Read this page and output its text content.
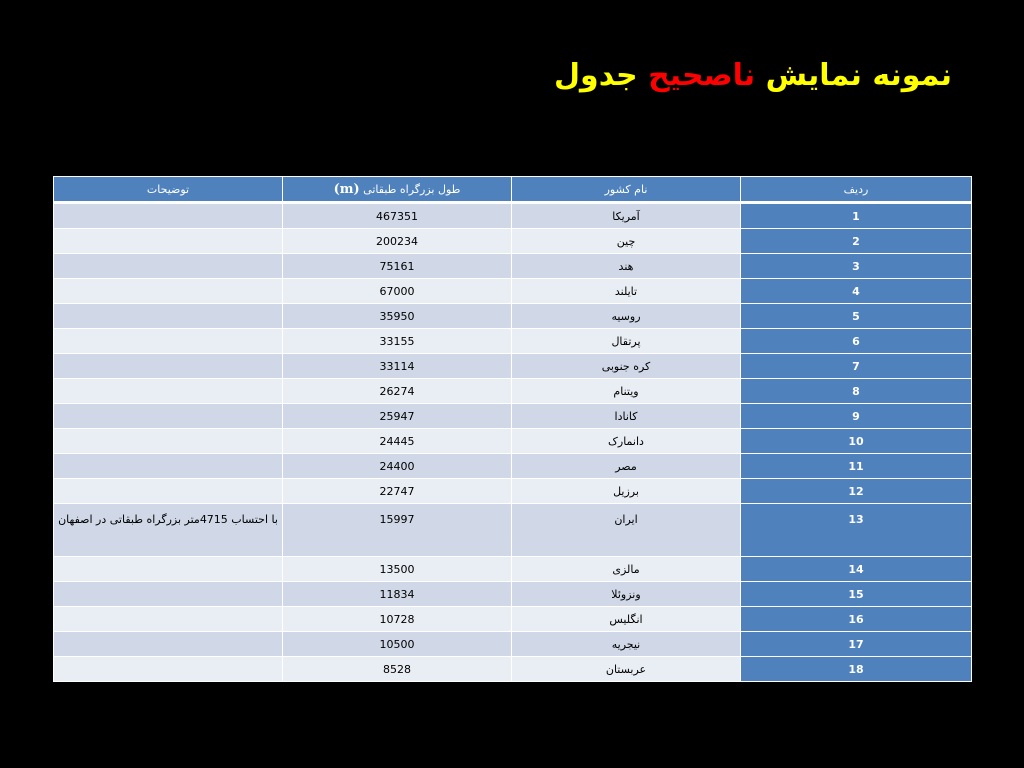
نمونه نمایش ناصحیح جدول
توضیحات	طول بزرگراه طبقاتی (m)	نام کشور	ردیف
	467351	آمریکا	1
	200234	چین	2
	75161	هند	3
	67000	تایلند	4
	35950	روسیه	5
	33155	پرتقال	6
	33114	کره جنوبی	7
	26274	ویتنام	8
	25947	کانادا	9
	24445	دانمارک	10
	24400	مصر	11
	22747	برزیل	12
با احتساب 4715متر بزرگراه طبقاتی در اصفهان	15997	ایران	13
	13500	مالزی	14
	11834	ونزوئلا	15
	10728	انگلیس	16
	10500	نیجریه	17
	8528	عربستان	18
